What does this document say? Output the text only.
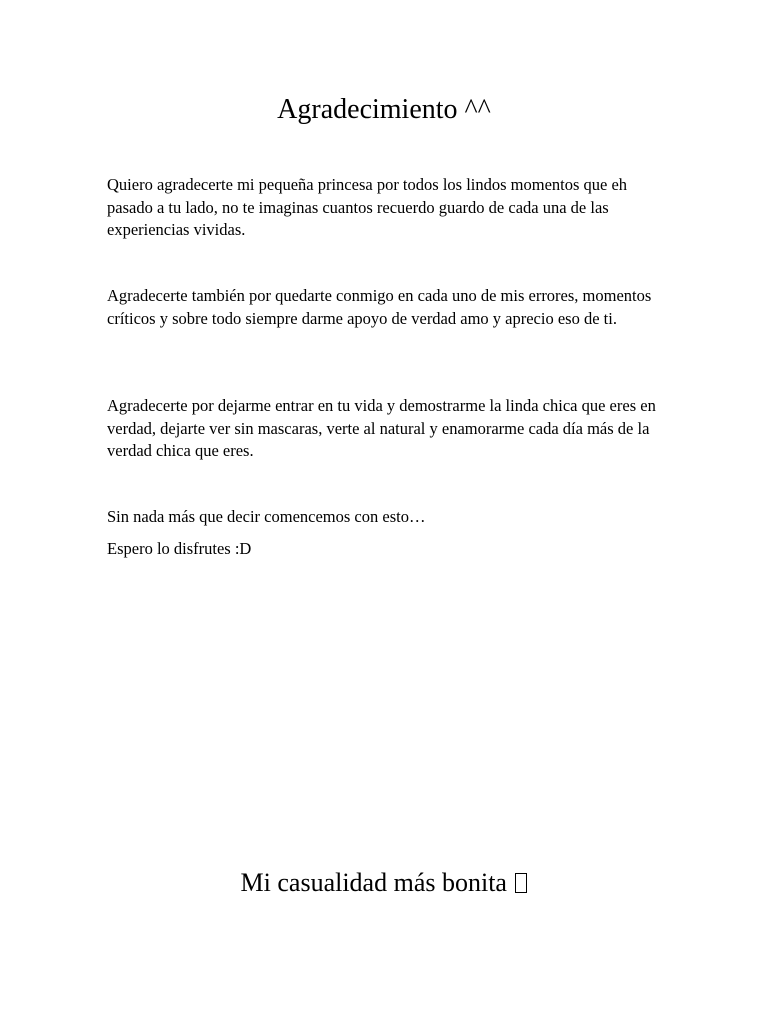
Agradecimiento ^^

Quiero agradecerte mi pequeña princesa por todos los lindos momentos que eh pasado a tu lado, no te imaginas cuantos recuerdo guardo de cada una de las experiencias vividas.

Agradecerte también por quedarte conmigo en cada uno de mis errores, momentos críticos y sobre todo siempre darme apoyo de verdad amo y aprecio eso de ti.

Agradecerte por dejarme entrar en tu vida y demostrarme la linda chica que eres en verdad, dejarte ver sin mascaras, verte al natural y enamorarme cada día más de la verdad chica que eres.

Sin nada más que decir comencemos con esto…

Espero lo disfrutes :D

Mi casualidad más bonita
